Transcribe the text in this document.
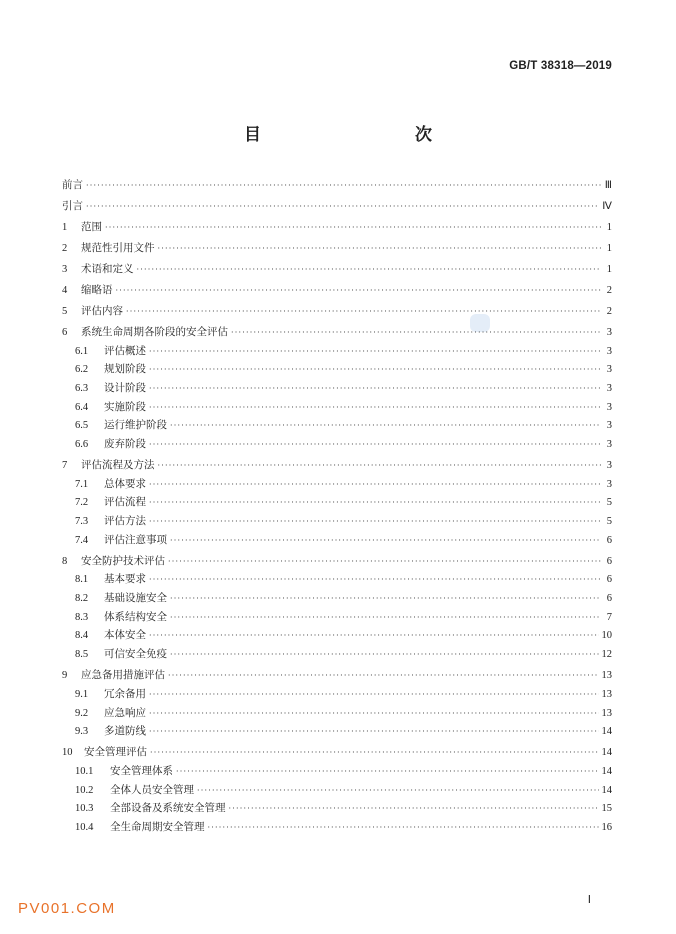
GB/T 38318—2019
目　　次
前言 ·····	Ⅲ
引言 ·····	Ⅳ
1	范围 ·····	1
2	规范性引用文件 ·····	1
3	术语和定义 ·····	1
4	缩略语 ·····	2
5	评估内容 ·····	2
6	系统生命周期各阶段的安全评估 ·····	3
6.1	评估概述 ·····	3
6.2	规划阶段 ·····	3
6.3	设计阶段 ·····	3
6.4	实施阶段 ·····	3
6.5	运行维护阶段 ·····	3
6.6	废弃阶段 ·····	3
7	评估流程及方法 ·····	3
7.1	总体要求 ·····	3
7.2	评估流程 ·····	5
7.3	评估方法 ·····	5
7.4	评估注意事项 ·····	6
8	安全防护技术评估 ·····	6
8.1	基本要求 ·····	6
8.2	基础设施安全 ·····	6
8.3	体系结构安全 ·····	7
8.4	本体安全 ·····	10
8.5	可信安全免疫 ·····	12
9	应急备用措施评估 ·····	13
9.1	冗余备用 ·····	13
9.2	应急响应 ·····	13
9.3	多道防线 ·····	14
10	安全管理评估 ·····	14
10.1	安全管理体系 ·····	14
10.2	全体人员安全管理 ·····	14
10.3	全部设备及系统安全管理 ·····	15
10.4	全生命周期安全管理 ·····	16
Ⅰ
PV001.COM
